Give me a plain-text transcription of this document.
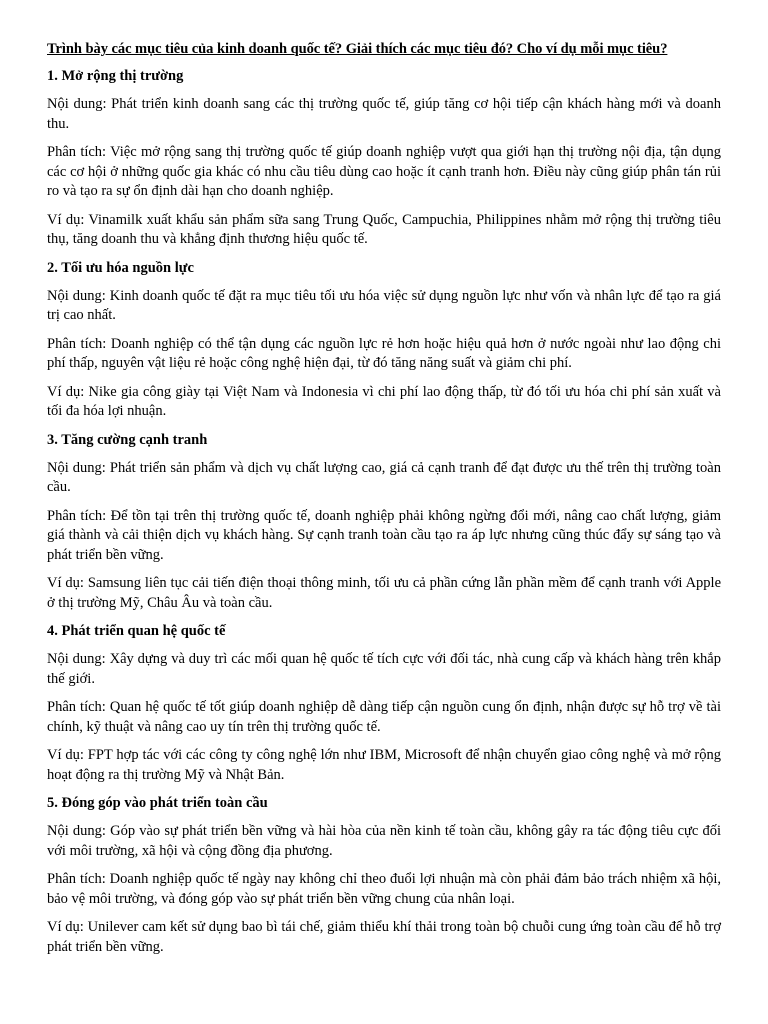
Trình bày các mục tiêu của kinh doanh quốc tế? Giải thích các mục tiêu đó? Cho ví dụ mỗi mục tiêu?

1. Mở rộng thị trường

Nội dung: Phát triển kinh doanh sang các thị trường quốc tế, giúp tăng cơ hội tiếp cận khách hàng mới và doanh thu.

Phân tích: Việc mở rộng sang thị trường quốc tế giúp doanh nghiệp vượt qua giới hạn thị trường nội địa, tận dụng các cơ hội ở những quốc gia khác có nhu cầu tiêu dùng cao hoặc ít cạnh tranh hơn. Điều này cũng giúp phân tán rủi ro và tạo ra sự ổn định dài hạn cho doanh nghiệp.

Ví dụ: Vinamilk xuất khẩu sản phẩm sữa sang Trung Quốc, Campuchia, Philippines nhằm mở rộng thị trường tiêu thụ, tăng doanh thu và khẳng định thương hiệu quốc tế.

2. Tối ưu hóa nguồn lực

Nội dung: Kinh doanh quốc tế đặt ra mục tiêu tối ưu hóa việc sử dụng nguồn lực như vốn và nhân lực để tạo ra giá trị cao nhất.

Phân tích: Doanh nghiệp có thể tận dụng các nguồn lực rẻ hơn hoặc hiệu quả hơn ở nước ngoài như lao động chi phí thấp, nguyên vật liệu rẻ hoặc công nghệ hiện đại, từ đó tăng năng suất và giảm chi phí.

Ví dụ: Nike gia công giày tại Việt Nam và Indonesia vì chi phí lao động thấp, từ đó tối ưu hóa chi phí sản xuất và tối đa hóa lợi nhuận.

3. Tăng cường cạnh tranh

Nội dung: Phát triển sản phẩm và dịch vụ chất lượng cao, giá cả cạnh tranh để đạt được ưu thế trên thị trường toàn cầu.

Phân tích: Để tồn tại trên thị trường quốc tế, doanh nghiệp phải không ngừng đổi mới, nâng cao chất lượng, giảm giá thành và cải thiện dịch vụ khách hàng. Sự cạnh tranh toàn cầu tạo ra áp lực nhưng cũng thúc đẩy sự sáng tạo và phát triển bền vững.

Ví dụ: Samsung liên tục cải tiến điện thoại thông minh, tối ưu cả phần cứng lẫn phần mềm để cạnh tranh với Apple ở thị trường Mỹ, Châu Âu và toàn cầu.

4. Phát triển quan hệ quốc tế

Nội dung: Xây dựng và duy trì các mối quan hệ quốc tế tích cực với đối tác, nhà cung cấp và khách hàng trên khắp thế giới.

Phân tích: Quan hệ quốc tế tốt giúp doanh nghiệp dễ dàng tiếp cận nguồn cung ổn định, nhận được sự hỗ trợ về tài chính, kỹ thuật và nâng cao uy tín trên thị trường quốc tế.

Ví dụ: FPT hợp tác với các công ty công nghệ lớn như IBM, Microsoft để nhận chuyển giao công nghệ và mở rộng hoạt động ra thị trường Mỹ và Nhật Bản.

5. Đóng góp vào phát triển toàn cầu

Nội dung: Góp vào sự phát triển bền vững và hài hòa của nền kinh tế toàn cầu, không gây ra tác động tiêu cực đối với môi trường, xã hội và cộng đồng địa phương.

Phân tích: Doanh nghiệp quốc tế ngày nay không chỉ theo đuổi lợi nhuận mà còn phải đảm bảo trách nhiệm xã hội, bảo vệ môi trường, và đóng góp vào sự phát triển bền vững chung của nhân loại.

Ví dụ: Unilever cam kết sử dụng bao bì tái chế, giảm thiểu khí thải trong toàn bộ chuỗi cung ứng toàn cầu để hỗ trợ phát triển bền vững.
